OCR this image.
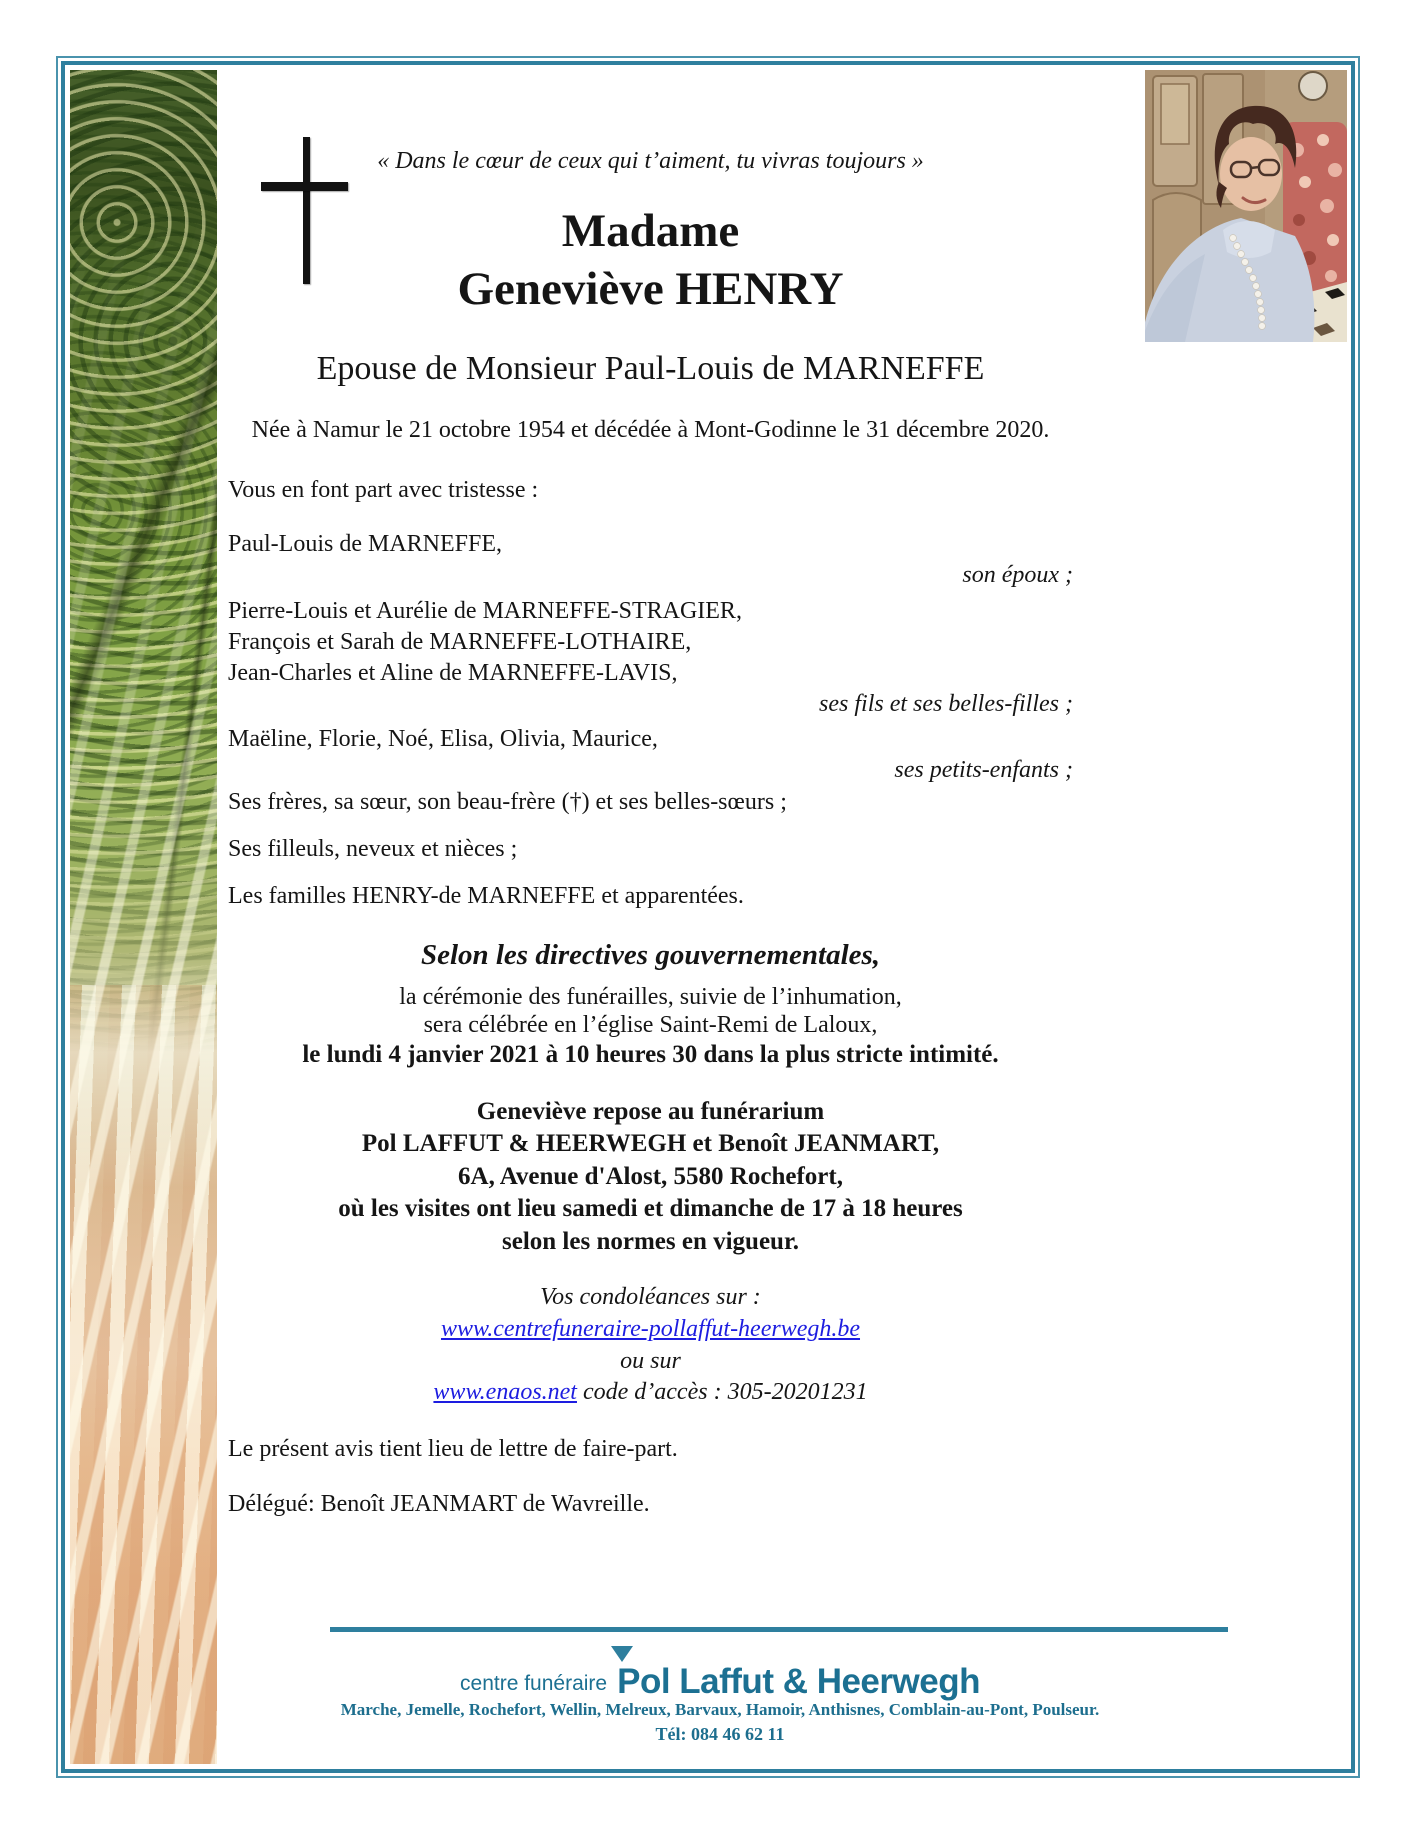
« Dans le cœur de ceux qui t’aiment, tu vivras toujours »
Madame
Geneviève HENRY
Epouse de Monsieur Paul-Louis de MARNEFFE
Née à Namur le 21 octobre 1954 et décédée à Mont-Godinne le 31 décembre 2020.
Vous en font part avec tristesse :
Paul-Louis de MARNEFFE,
son époux ;
Pierre-Louis et Aurélie de MARNEFFE-STRAGIER,
François et Sarah de MARNEFFE-LOTHAIRE,
Jean-Charles et Aline de MARNEFFE-LAVIS,
ses fils et ses belles-filles ;
Maëline, Florie, Noé, Elisa, Olivia, Maurice,
ses petits-enfants ;
Ses frères, sa sœur, son beau-frère (†) et ses belles-sœurs ;
Ses filleuls, neveux et nièces ;
Les familles HENRY-de MARNEFFE et apparentées.
Selon les directives gouvernementales,
la cérémonie des funérailles, suivie de l’inhumation,
sera célébrée en l’église Saint-Remi de Laloux,
le lundi 4 janvier 2021 à 10 heures 30 dans la plus stricte intimité.
Geneviève repose au funérarium
Pol LAFFUT & HEERWEGH et Benoît JEANMART,
6A, Avenue d'Alost, 5580 Rochefort,
où les visites ont lieu samedi et dimanche de 17 à 18 heures
selon les normes en vigueur.
Vos condoléances sur :
www.centrefuneraire-pollaffut-heerwegh.be
ou sur
www.enaos.net code d’accès : 305-20201231
Le présent avis tient lieu de lettre de faire-part.
Délégué: Benoît JEANMART de Wavreille.
centre funéraire Pol Laffut & Heerwegh
Marche, Jemelle, Rochefort, Wellin, Melreux, Barvaux, Hamoir, Anthisnes, Comblain-au-Pont, Poulseur.
Tél: 084 46 62 11
